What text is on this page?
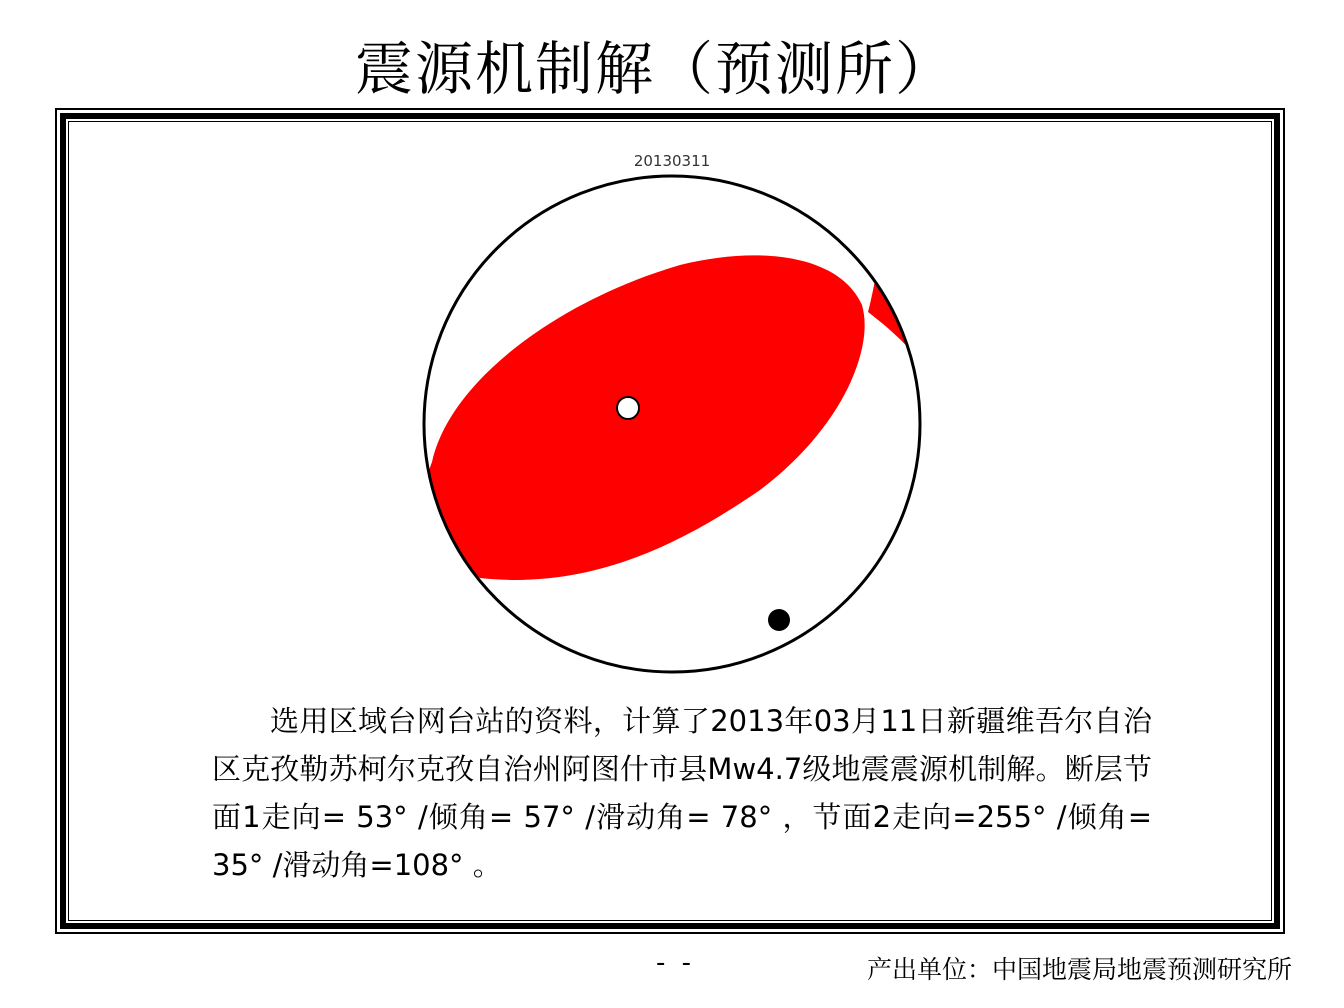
震源机制解（预测所）
20130311
选用区域台网台站的资料，计算了2013年03月11日新疆维吾尔自治区克孜勒苏柯尔克孜自治州阿图什市县Mw4.7级地震震源机制解。断层节面1走向= 53° /倾角= 57° /滑动角= 78° ，节面2走向=255° /倾角= 35° /滑动角=108° 。
- -	产出单位：中国地震局地震预测研究所
